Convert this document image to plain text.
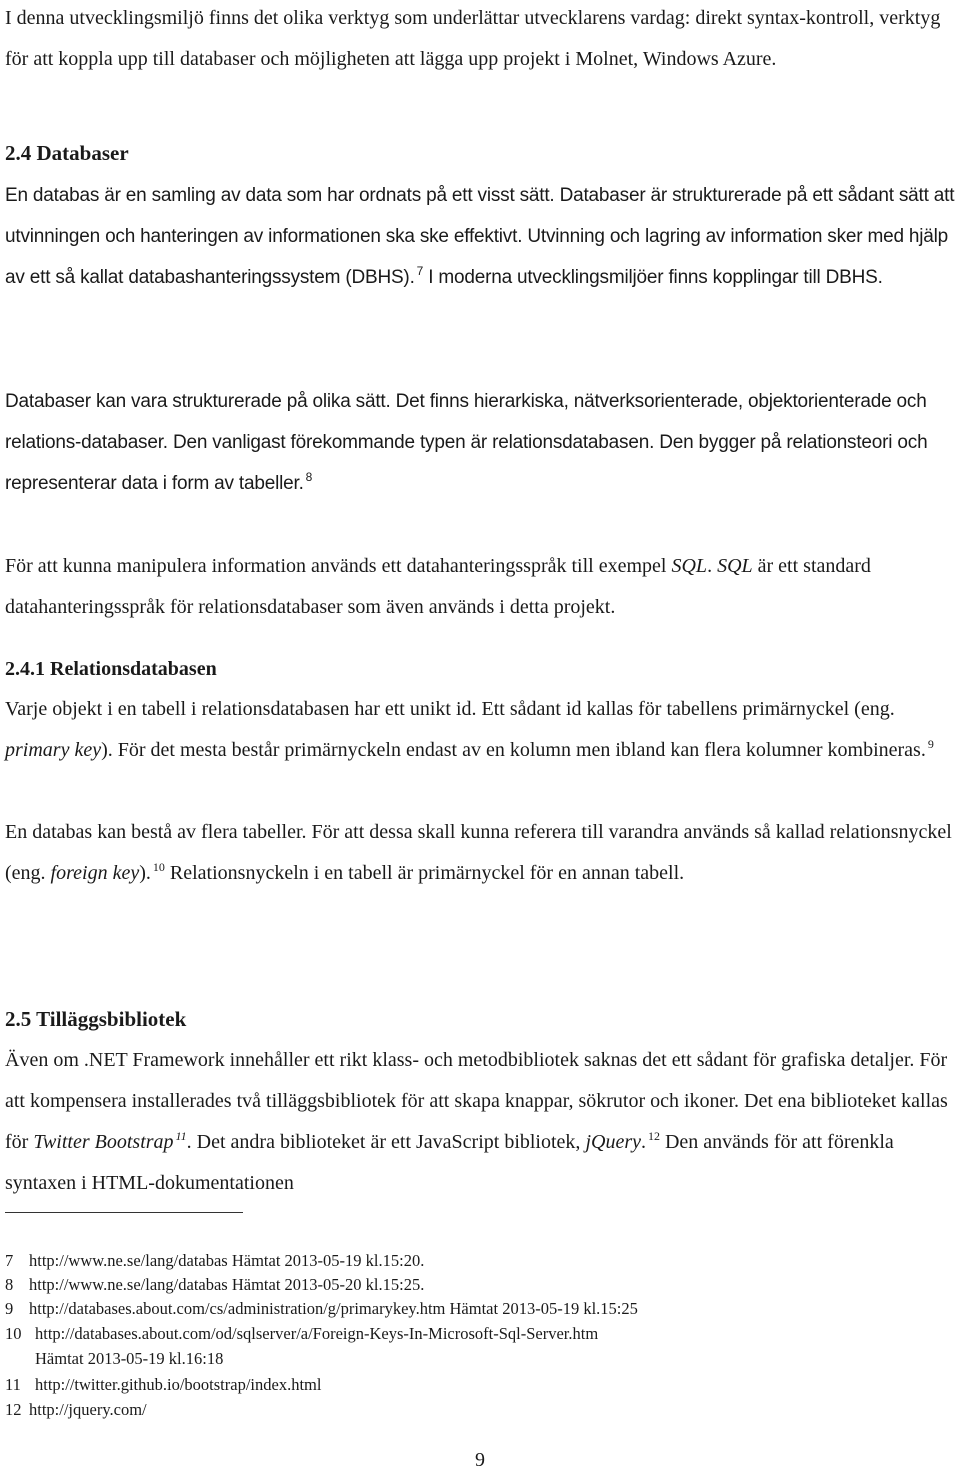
I denna utvecklingsmiljö finns det olika verktyg som underlättar utvecklarens vardag: direkt syntax-kontroll, verktyg för att koppla upp till databaser och möjligheten att lägga upp projekt i Molnet, Windows Azure.

2.4 Databaser

En databas är en samling av data som har ordnats på ett visst sätt. Databaser är strukturerade på ett sådant sätt att utvinningen och hanteringen av informationen ska ske effektivt. Utvinning och lagring av information sker med hjälp av ett så kallat databashanteringssystem (DBHS). $^7$ I moderna utvecklingsmiljöer finns kopplingar till DBHS.

Databaser kan vara strukturerade på olika sätt. Det finns hierarkiska, nätverksorienterade, objektorienterade och relations-databaser. Den vanligast förekommande typen är relationsdatabasen. Den bygger på relationsteori och representerar data i form av tabeller. $^8$

För att kunna manipulera information används ett datahanteringsspråk till exempel SQL. SQL är ett standard datahanteringsspråk för relationsdatabaser som även används i detta projekt.

2.4.1 Relationsdatabasen

Varje objekt i en tabell i relationsdatabasen har ett unikt id. Ett sådant id kallas för tabellens primärnyckel (eng. primary key). För det mesta består primärnyckeln endast av en kolumn men ibland kan flera kolumner kombineras. $^9$

En databas kan bestå av flera tabeller. För att dessa skall kunna referera till varandra används så kallad relationsnyckel (eng. foreign key). $^{10}$ Relationsnyckeln i en tabell är primärnyckel för en annan tabell.

2.5 Tilläggsbibliotek

Även om .NET Framework innehåller ett rikt klass- och metodbibliotek saknas det ett sådant för grafiska detaljer. För att kompensera installerades två tilläggsbibliotek för att skapa knappar, sökrutor och ikoner. Det ena biblioteket kallas för Twitter Bootstrap $^{11}$. Det andra biblioteket är ett JavaScript bibliotek, jQuery. $^{12}$ Den används för att förenkla syntaxen i HTML-dokumentationen

7 http://www.ne.se/lang/databas Hämtat 2013-05-19 kl.15:20.
8 http://www.ne.se/lang/databas Hämtat 2013-05-20 kl.15:25.
9 http://databases.about.com/cs/administration/g/primarykey.htm Hämtat 2013-05-19 kl.15:25
10 http://databases.about.com/od/sqlserver/a/Foreign-Keys-In-Microsoft-Sql-Server.htm
Hämtat 2013-05-19 kl.16:18
11 http://twitter.github.io/bootstrap/index.html
12 http://jquery.com/
9
